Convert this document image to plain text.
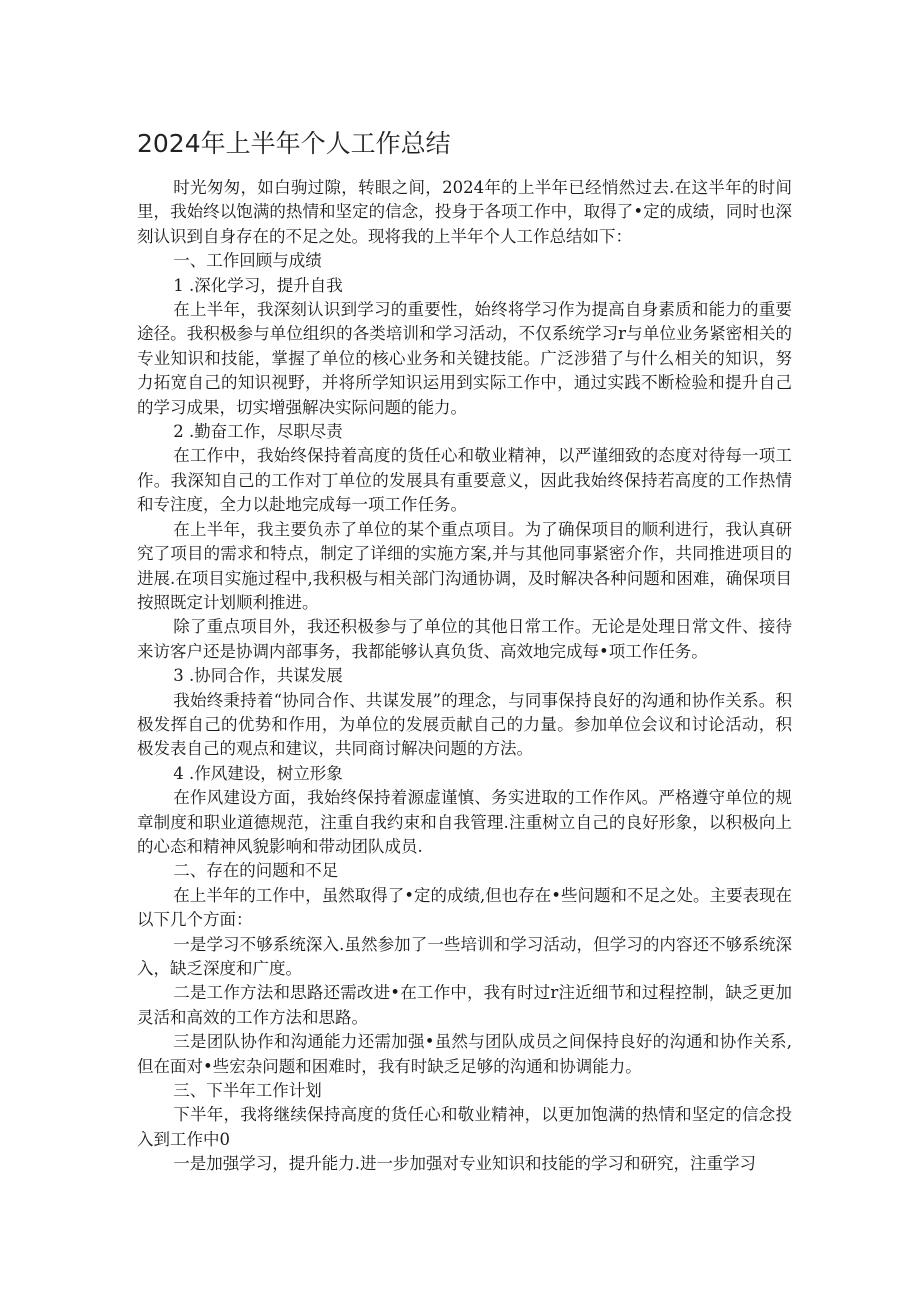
2024年上半年个人工作总结

时光匆匆，如白驹过隙，转眼之间，2024年的上半年已经悄然过去.在这半年的时间里，我始终以饱满的热情和坚定的信念，投身于各项工作中，取得了•定的成绩，同时也深刻认识到自身存在的不足之处。现将我的上半年个人工作总结如下：

一、工作回顾与成绩

1 .深化学习，提升自我

在上半年，我深刻认识到学习的重要性，始终将学习作为提高自身素质和能力的重要途径。我积极参与单位组织的各类培训和学习活动，不仅系统学习r与单位业务紧密相关的专业知识和技能，掌握了单位的核心业务和关键技能。广泛涉猎了与什么相关的知识，努力拓宽自己的知识视野，并将所学知识运用到实际工作中，通过实践不断检验和提升自己的学习成果，切实增强解决实际问题的能力。

2 .勤奋工作，尽职尽责

在工作中，我始终保持着高度的货任心和敬业精神，以严谨细致的态度对待每一项工作。我深知自己的工作对丁单位的发展具有重要意义，因此我始终保持若高度的工作热情和专注度，全力以赴地完成每一项工作任务。

在上半年，我主要负赤了单位的某个重点项目。为了确保项目的顺利进行，我认真研究了项目的需求和特点，制定了详细的实施方案,并与其他同事紧密介作，共同推进项目的进展.在项目实施过程中,我积极与相关部门沟通协调，及时解决各种问题和困难，确保项目按照既定计划顺利推进。

除了重点项目外，我还积极参与了单位的其他日常工作。无论是处理日常文件、接待来访客户还是协调内部事务，我都能够认真负货、高效地完成每•项工作任务。

3 .协同合作，共谋发展

我始终秉持着“协同合作、共谋发展”的理念，与同事保持良好的沟通和协作关系。积极发挥自己的优势和作用，为单位的发展贡献自己的力量。参加单位会议和讨论活动，积极发表自己的观点和建议，共同商讨解决问题的方法。

4 .作风建设，树立形象

在作风建设方面，我始终保持着源虚谨慎、务实进取的工作作风。严格遵守单位的规章制度和职业道德规范，注重自我约束和自我管理.注重树立自己的良好形象，以积极向上的心态和精神风貌影响和带动团队成员.

二、存在的问题和不足

在上半年的工作中，虽然取得了•定的成绩,但也存在•些问题和不足之处。主要表现在以下几个方面：

一是学习不够系统深入.虽然参加了一些培训和学习活动，但学习的内容还不够系统深入，缺乏深度和广度。

二是工作方法和思路还需改进•在工作中，我有时过r注近细节和过程控制，缺乏更加灵活和高效的工作方法和思路。

三是团队协作和沟通能力还需加强•虽然与团队成员之间保持良好的沟通和协作关系,但在面对•些宏杂问题和困难时，我有时缺乏足够的沟通和协调能力。

三、下半年工作计划

下半年，我将继续保持高度的货任心和敬业精神，以更加饱满的热情和坚定的信念投入到工作中0

一是加强学习，提升能力.进一步加强对专业知识和技能的学习和研究，注重学习
